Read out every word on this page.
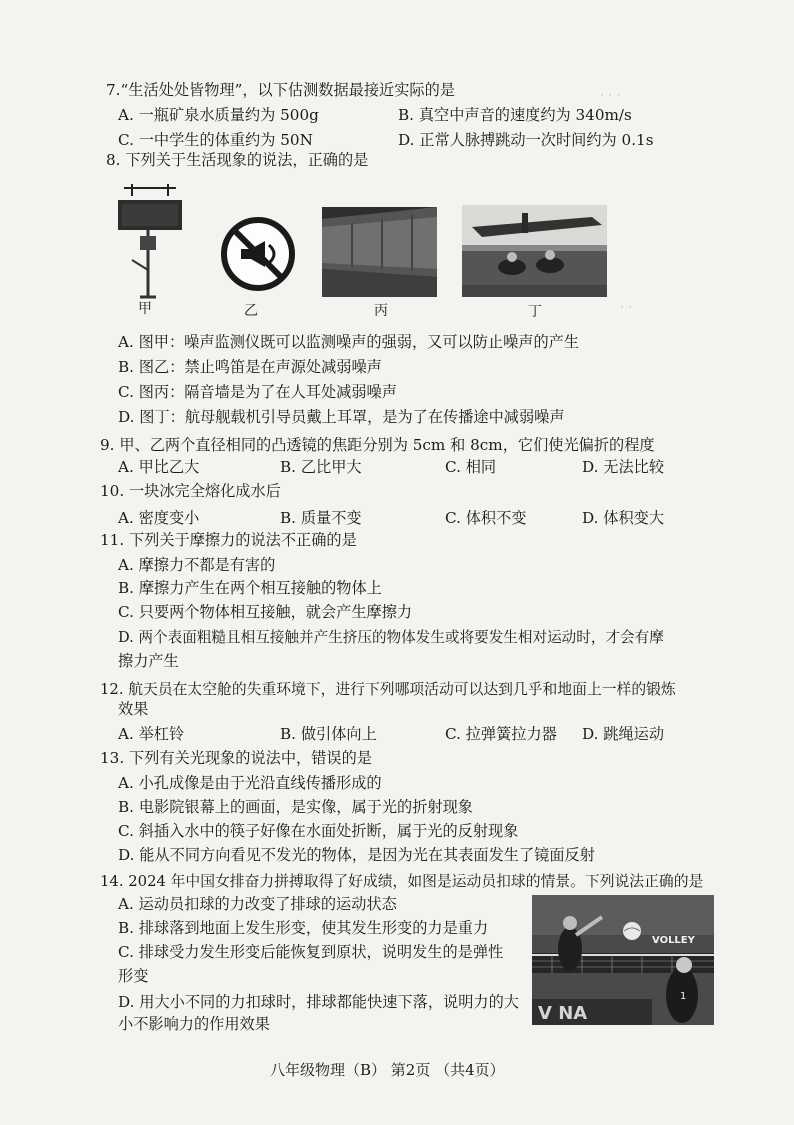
· · ·
· ·
7.“生活处处皆物理”，以下估测数据最接近实际的是
A. 一瓶矿泉水质量约为 500g	B. 真空中声音的速度约为 340m/s
C. 一中学生的体重约为 50N	D. 正常人脉搏跳动一次时间约为 0.1s
8. 下列关于生活现象的说法，正确的是
甲	乙	丙	丁
A. 图甲：噪声监测仪既可以监测噪声的强弱，又可以防止噪声的产生
B. 图乙：禁止鸣笛是在声源处减弱噪声
C. 图丙：隔音墙是为了在人耳处减弱噪声
D. 图丁：航母舰载机引导员戴上耳罩，是为了在传播途中减弱噪声
9. 甲、乙两个直径相同的凸透镜的焦距分别为 5cm 和 8cm，它们使光偏折的程度
A. 甲比乙大	B. 乙比甲大	C. 相同	D. 无法比较
10. 一块冰完全熔化成水后
A. 密度变小	B. 质量不变	C. 体积不变	D. 体积变大
11. 下列关于摩擦力的说法不正确的是
A. 摩擦力不都是有害的
B. 摩擦力产生在两个相互接触的物体上
C. 只要两个物体相互接触，就会产生摩擦力
D. 两个表面粗糙且相互接触并产生挤压的物体发生或将要发生相对运动时，才会有摩
擦力产生
12. 航天员在太空舱的失重环境下，进行下列哪项活动可以达到几乎和地面上一样的锻炼
效果
A. 举杠铃	B. 做引体向上	C. 拉弹簧拉力器 D. 跳绳运动
13. 下列有关光现象的说法中，错误的是
A. 小孔成像是由于光沿直线传播形成的
B. 电影院银幕上的画面，是实像，属于光的折射现象
C. 斜插入水中的筷子好像在水面处折断，属于光的反射现象
D. 能从不同方向看见不发光的物体，是因为光在其表面发生了镜面反射
14. 2024 年中国女排奋力拼搏取得了好成绩，如图是运动员扣球的情景。下列说法正确的是
A. 运动员扣球的力改变了排球的运动状态
B. 排球落到地面上发生形变，使其发生形变的力是重力
C. 排球受力发生形变后能恢复到原状，说明发生的是弹性
形变
D. 用大小不同的力扣球时，排球都能快速下落，说明力的大
小不影响力的作用效果
1
V NA
VOLLEY
八年级物理（B） 第2页 （共4页）
